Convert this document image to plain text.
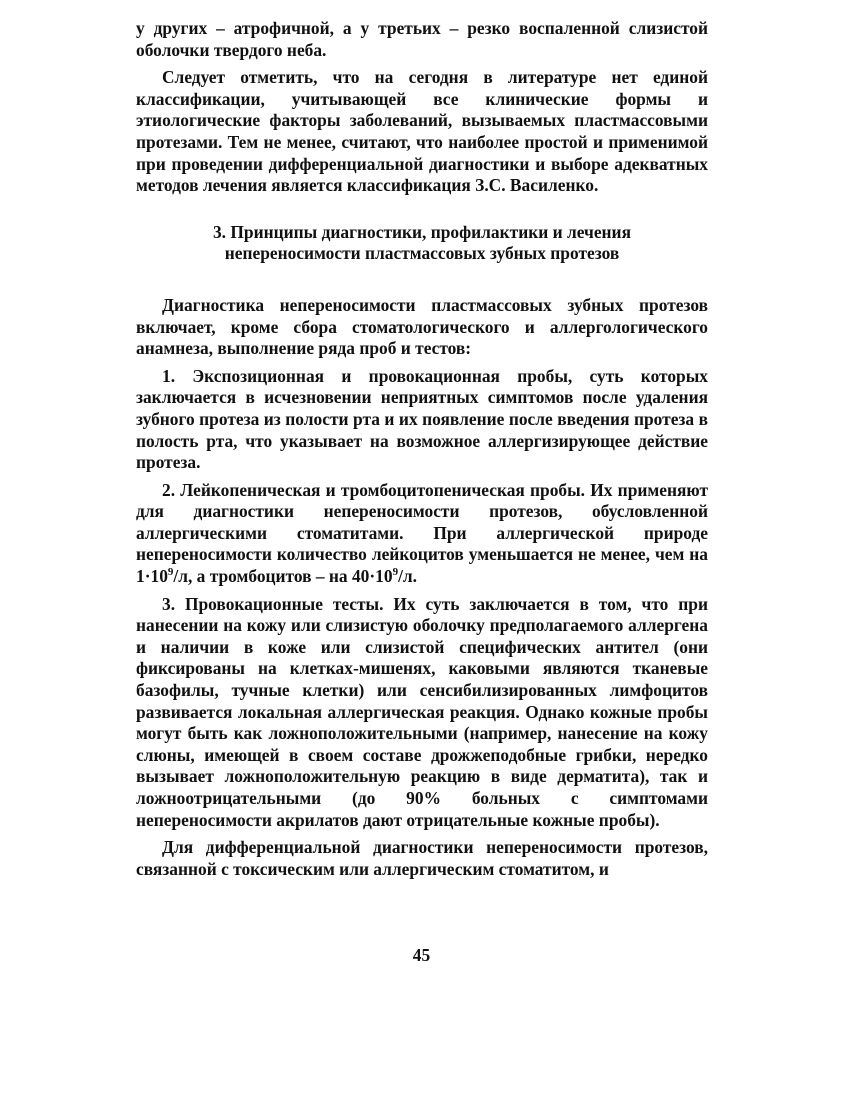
у других – атрофичной, а у третьих – резко воспаленной слизистой оболочки твердого неба.

Следует отметить, что на сегодня в литературе нет единой классификации, учитывающей все клинические формы и этиологические факторы заболеваний, вызываемых пластмассовыми протезами. Тем не менее, считают, что наиболее простой и применимой при проведении дифференциальной диагностики и выборе адекватных методов лечения является классификация З.С. Василенко.

3. Принципы диагностики, профилактики и лечения
непереносимости пластмассовых зубных протезов

Диагностика непереносимости пластмассовых зубных протезов включает, кроме сбора стоматологического и аллергологического анамнеза, выполнение ряда проб и тестов:

1. Экспозиционная и провокационная пробы, суть которых заключается в исчезновении неприятных симптомов после удаления зубного протеза из полости рта и их появление после введения протеза в полость рта, что указывает на возможное аллергизирующее действие протеза.

2. Лейкопеническая и тромбоцитопеническая пробы. Их применяют для диагностики непереносимости протезов, обусловленной аллергическими стоматитами. При аллергической природе непереносимости количество лейкоцитов уменьшается не менее, чем на $1\cdot 10^9/л$, а тромбоцитов – на $40\cdot 10^9/л$.

3. Провокационные тесты. Их суть заключается в том, что при нанесении на кожу или слизистую оболочку предполагаемого аллергена и наличии в коже или слизистой специфических антител (они фиксированы на клетках-мишенях, каковыми являются тканевые базофилы, тучные клетки) или сенсибилизированных лимфоцитов развивается локальная аллергическая реакция. Однако кожные пробы могут быть как ложноположительными (например, нанесение на кожу слюны, имеющей в своем составе дрожжеподобные грибки, нередко вызывает ложноположительную реакцию в виде дерматита), так и ложноотрицательными (до 90% больных с симптомами непереносимости акрилатов дают отрицательные кожные пробы).

Для дифференциальной диагностики непереносимости протезов, связанной с токсическим или аллергическим стоматитом, и

45
